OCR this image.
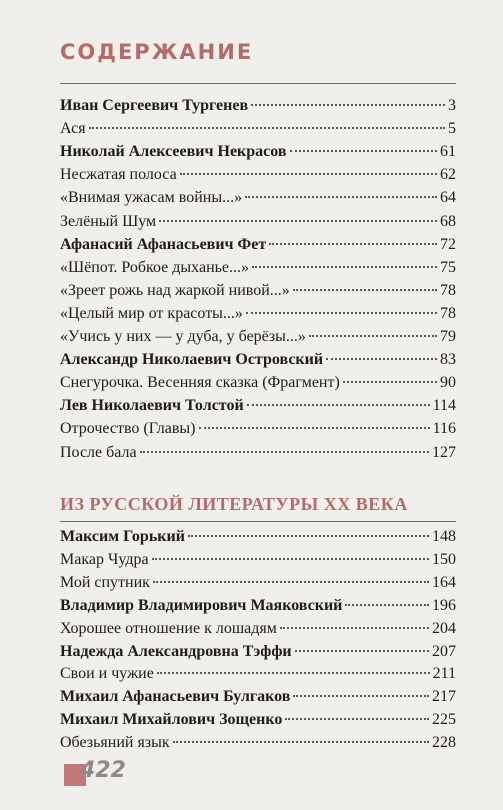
СОДЕРЖАНИЕ
Иван Сергеевич Тургенев	3
Ася	5
Николай Алексеевич Некрасов	61
Несжатая полоса	62
«Внимая ужасам войны...»	64
Зелёный Шум	68
Афанасий Афанасьевич Фет	72
«Шёпот. Робкое дыханье...»	75
«Зреет рожь над жаркой нивой...»	78
«Целый мир от красоты...»	78
«Учись у них — у дуба, у берёзы...»	79
Александр Николаевич Островский	83
Снегурочка. Весенняя сказка (Фрагмент)	90
Лев Николаевич Толстой	114
Отрочество (Главы)	116
После бала	127
ИЗ РУССКОЙ ЛИТЕРАТУРЫ XX ВЕКА
Максим Горький	148
Макар Чудра	150
Мой спутник	164
Владимир Владимирович Маяковский	196
Хорошее отношение к лошадям	204
Надежда Александровна Тэффи	207
Свои и чужие	211
Михаил Афанасьевич Булгаков	217
Михаил Михайлович Зощенко	225
Обезьяний язык	228
422
